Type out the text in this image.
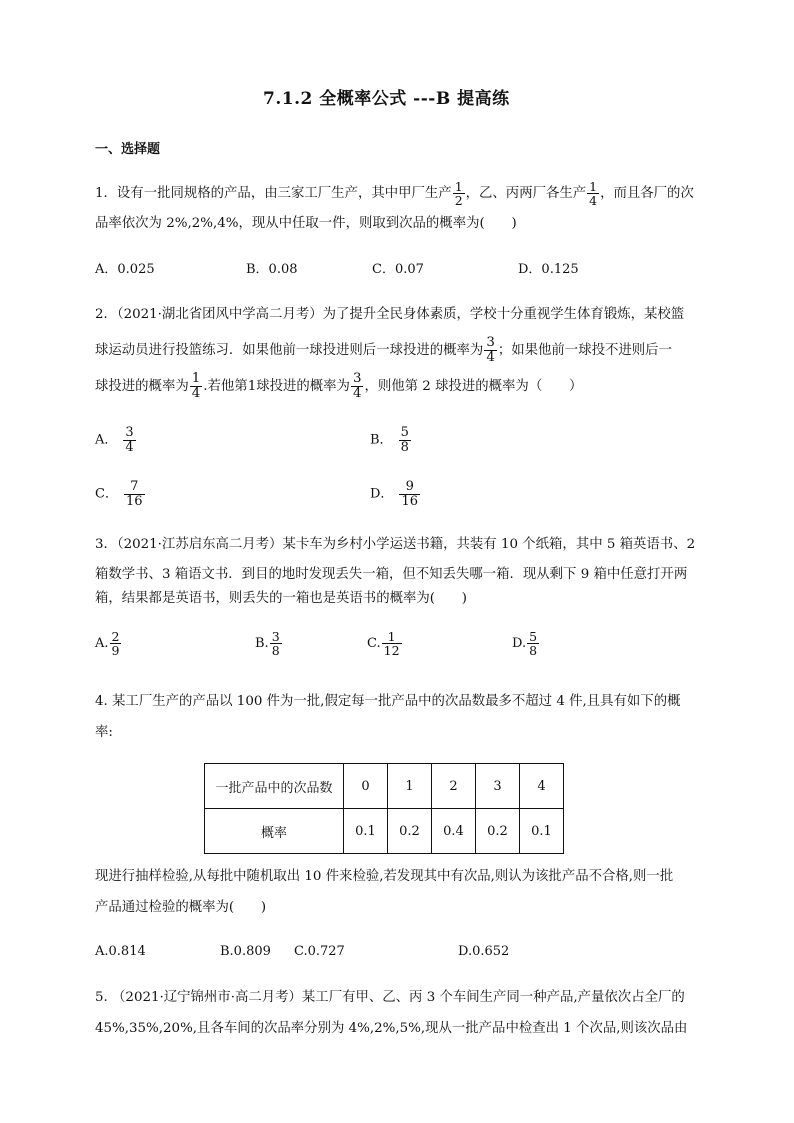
7.1.2 全概率公式 ---B 提高练
一、选择题
1．设有一批同规格的产品，由三家工厂生产，其中甲厂生产 $\frac{1}{2}$ ，乙、丙两厂各生产 $\frac{1}{4}$ ，而且各厂的次
品率依次为 2%,2%,4%，现从中任取一件，则取到次品的概率为(　　)
A．0.025	B．0.08	C．0.07	D．0.125
2．（2021·湖北省团风中学高二月考）为了提升全民身体素质，学校十分重视学生体育锻炼，某校篮
球运动员进行投篮练习．如果他前一球投进则后一球投进的概率为 $\frac{3}{4}$ ；如果他前一球投不进则后一
球投进的概率为 $\frac{1}{4}$ .若他第1球投进的概率为 $\frac{3}{4}$ ，则他第 2 球投进的概率为（　　）
A． $\frac{3}{4}$	B． $\frac{5}{8}$
C． $\frac{7}{16}$	D． $\frac{9}{16}$
3．（2021·江苏启东高二月考）某卡车为乡村小学运送书籍，共装有 10 个纸箱，其中 5 箱英语书、2
箱数学书、3 箱语文书．到目的地时发现丢失一箱，但不知丢失哪一箱．现从剩下 9 箱中任意打开两
箱，结果都是英语书，则丢失的一箱也是英语书的概率为(　　)
A. $\frac{2}{9}$	B. $\frac{3}{8}$	C. $\frac{1}{12}$	D. $\frac{5}{8}$
4. 某工厂生产的产品以 100 件为一批,假定每一批产品中的次品数最多不超过 4 件,且具有如下的概
率:
一批产品中的次品数	0	1	2	3	4
概率	0.1	0.2	0.4	0.2	0.1
现进行抽样检验,从每批中随机取出 10 件来检验,若发现其中有次品,则认为该批产品不合格,则一批
产品通过检验的概率为(　　)
A.0.814	B.0.809 C.0.727	D.0.652
5. （2021·辽宁锦州市·高二月考）某工厂有甲、乙、丙 3 个车间生产同一种产品,产量依次占全厂的
45%,35%,20%,且各车间的次品率分别为 4%,2%,5%,现从一批产品中检查出 1 个次品,则该次品由
